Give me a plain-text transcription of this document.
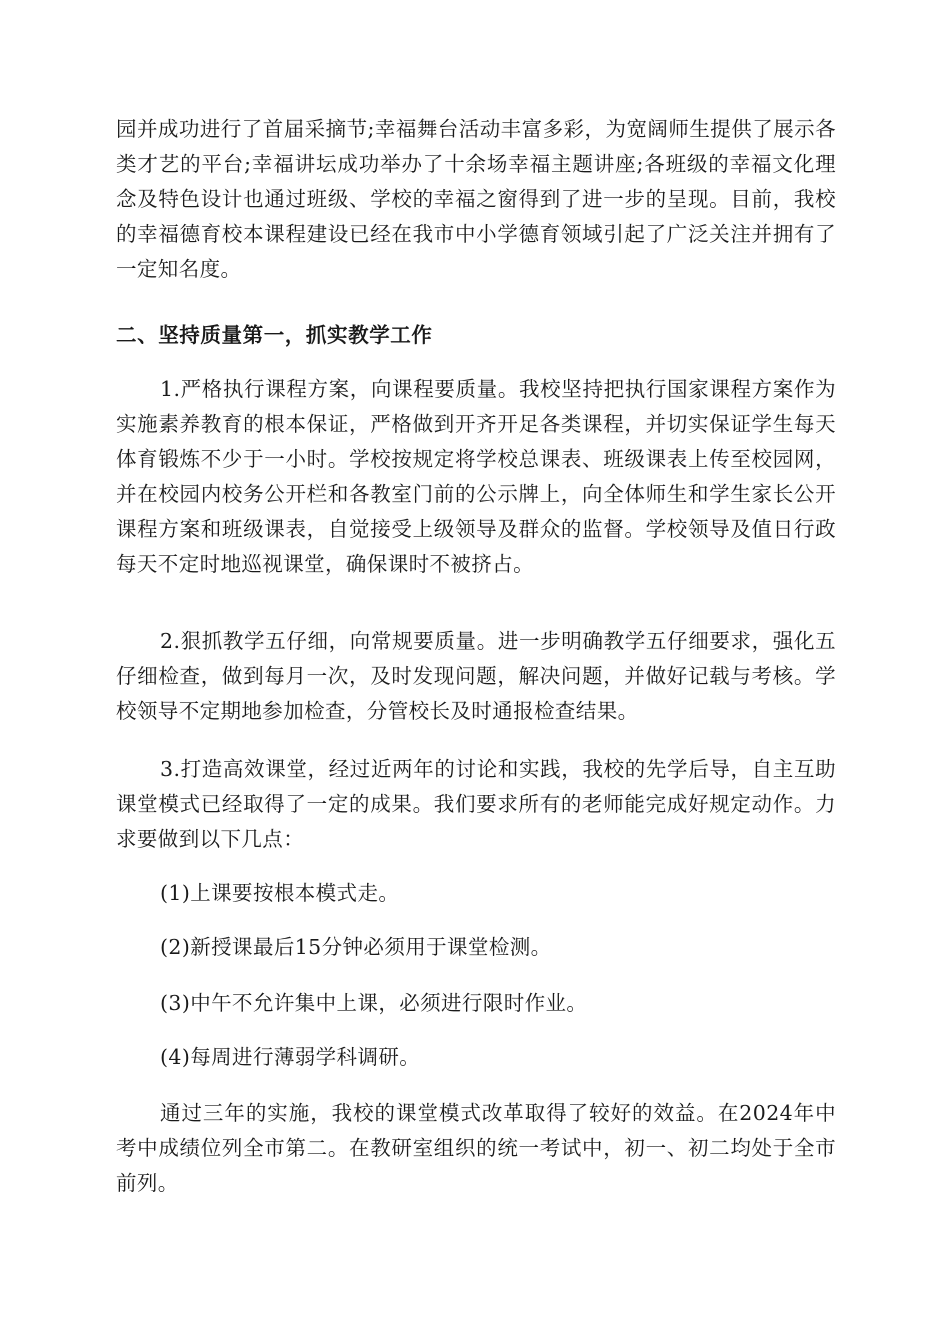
园并成功进行了首届采摘节;幸福舞台活动丰富多彩，为宽阔师生提供了展示各类才艺的平台;幸福讲坛成功举办了十余场幸福主题讲座;各班级的幸福文化理念及特色设计也通过班级、学校的幸福之窗得到了进一步的呈现。目前，我校的幸福德育校本课程建设已经在我市中小学德育领域引起了广泛关注并拥有了一定知名度。

二、坚持质量第一，抓实教学工作

1.严格执行课程方案，向课程要质量。我校坚持把执行国家课程方案作为实施素养教育的根本保证，严格做到开齐开足各类课程，并切实保证学生每天体育锻炼不少于一小时。学校按规定将学校总课表、班级课表上传至校园网，并在校园内校务公开栏和各教室门前的公示牌上，向全体师生和学生家长公开课程方案和班级课表，自觉接受上级领导及群众的监督。学校领导及值日行政每天不定时地巡视课堂，确保课时不被挤占。

2.狠抓教学五仔细，向常规要质量。进一步明确教学五仔细要求，强化五仔细检查，做到每月一次，及时发现问题，解决问题，并做好记载与考核。学校领导不定期地参加检查，分管校长及时通报检查结果。

3.打造高效课堂，经过近两年的讨论和实践，我校的先学后导，自主互助课堂模式已经取得了一定的成果。我们要求所有的老师能完成好规定动作。力求要做到以下几点：

(1)上课要按根本模式走。

(2)新授课最后15分钟必须用于课堂检测。

(3)中午不允许集中上课，必须进行限时作业。

(4)每周进行薄弱学科调研。

通过三年的实施，我校的课堂模式改革取得了较好的效益。在2024年中考中成绩位列全市第二。在教研室组织的统一考试中，初一、初二均处于全市前列。
